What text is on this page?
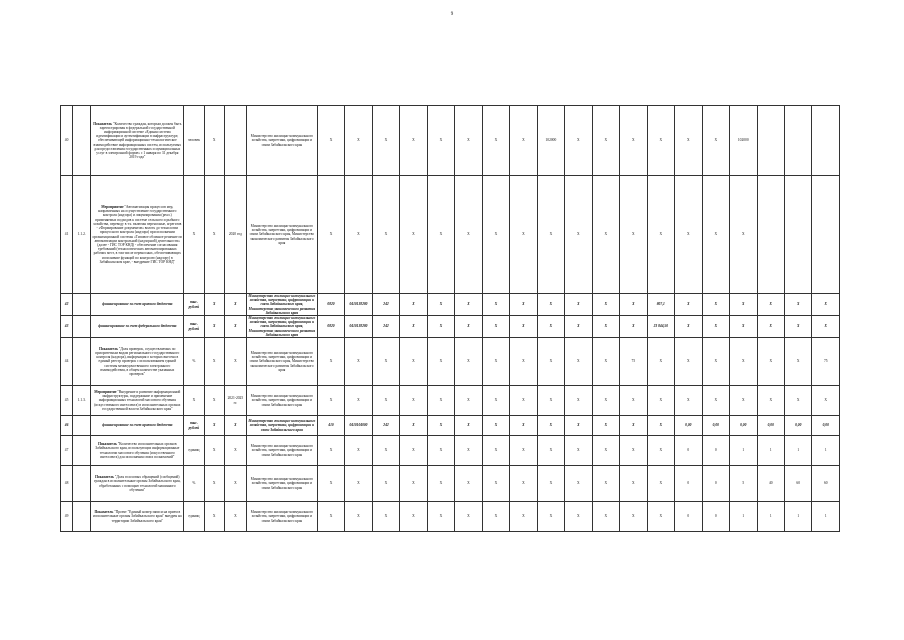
9
40		Показатель "Количество граждан, которым должен быть зарегистрирован в федеральной государственной информационной системе «Единая система идентификации и аутентификации в инфраструктуре, обеспечивающей информационно-технологическое взаимодействие информационных систем, используемых для предоставления государственных и муниципальных услуг в электронной форме» с 1 января по 31 декабря 2019 года"	человек	X		Министерство жилищно-коммунального хозяйства, энергетики, цифровизации и связи Забайкальского края	X	X	X	X	X	X	X	X	102000	X	X	X	X	X	X	102000			
41	1.1.2.	Мероприятие "Автоматизация процессов мер, направленных на осуществление государственного контроля (надзора) и лицензирования (реал.) применяемых подходов к системе сельского и рыбного хозяйства, переводу в т.ч. включая переносные, агрегатов - «Формирование документов» вплоть до технологии процессного контроля (надзора) при исполнении организационной системы «Типовое облачное решение по автоматизации контрольной (надзорной) деятельности» (далее - ГИС ТОР КНД) - обеспечение согласования требований (технологических автоматизированных рабочих мест, в том числе переносных, обеспечивающих исполнение функций по контролю (надзору) в Забайкальском крае, - внедрение ГИС ТОР КНД"	X	X	2020 год	Министерство жилищно-коммунального хозяйства, энергетики, цифровизации и связи Забайкальского края, Министерство экономического развития Забайкальского края	X	X	X	X	X	X	X	X	X	X	X	X	X	X	X	X			
42		финансирование за счет краевого бюджета	тыс. рублей	X	X	Министерство жилищно-коммунального хозяйства, энергетики, цифровизации и связи Забайкальского края, Министерство экономического развития Забайкальского края	0820	0410138280	242	X	X	X	X	X	X	X	X	X	807,1	X	X	X	X	X	X
43		финансирование за счет федерального бюджета	тыс. рублей	X	X	Министерство жилищно-коммунального хозяйства, энергетики, цифровизации и связи Забайкальского края, Министерство экономического развития Забайкальского края	0820	0410138280	242	X	X	X	X	X	X	X	X	X	23 844,50	X	X	X	X	X	X
44		Показатель "Доля проверок, осуществляемых по приоритетным видам регионального государственного контроля (надзора), информация о которых внесена в единый реестр проверок с использованием единой системы межведомственного электронного взаимодействия, в общем количестве указанных проверок"	%	X	X	Министерство жилищно-коммунального хозяйства, энергетики, цифровизации и связи Забайкальского края, Министерство экономического развития Забайкальского края	X	X	X	X	X	X	X	X	X	X	X	75	X	X	X	X	X	X	75
45	1.1.3.	Мероприятие "Внедрение и развитие информационной инфраструктуры, поддержание и применение информационных технологий массового обучения (искусственного интеллекта) в исполнительных органах государственной власти Забайкальского края"	X	X	2021-2025 гг.	Министерство жилищно-коммунального хозяйства, энергетики, цифровизации и связи Забайкальского края	X	X	X	X	X	X	X	X	X	X	X	X	X	X	X	X	X	X	X
46		финансирование за счет краевого бюджета	тыс. рублей	X	X	Министерство жилищно-коммунального хозяйства, энергетики, цифровизации и связи Забайкальского края	410	0410104000	242	X	X	X	X	X	X	X	X	X	X	0,00	0,00	0,00	0,00	0,00	0,00
47		Показатель "Количество исполнительных органов Забайкальского края, использующих информационные технологии массового обучения (искусственного интеллекта) для исполнения своих полномочий"	единиц	X	X	Министерство жилищно-коммунального хозяйства, энергетики, цифровизации и связи Забайкальского края	X	X	X	X	X	X	X	X	X	X	X	X	X	0	0	1	1	1	1
48		Показатель "Доля голосовых обращений (сообщений) граждан в исполнительные органы Забайкальского края, обработанных с помощью технологий машинного обучения"	%	X	X	Министерство жилищно-коммунального хозяйства, энергетики, цифровизации и связи Забайкальского края	X	X	X	X	X	X	X	X	X	X	X	X	X	0	0	5	40	60	60
49		Показатель "Проект "Единый номер записи на прием в исполнительные органы Забайкальского края" внедрен на территории Забайкальского края"	единиц	X	X	Министерство жилищно-коммунального хозяйства, энергетики, цифровизации и связи Забайкальского края	X	X	X	X	X	X	X	X	X	X	X	X	X	0	0	1	1	1	1
